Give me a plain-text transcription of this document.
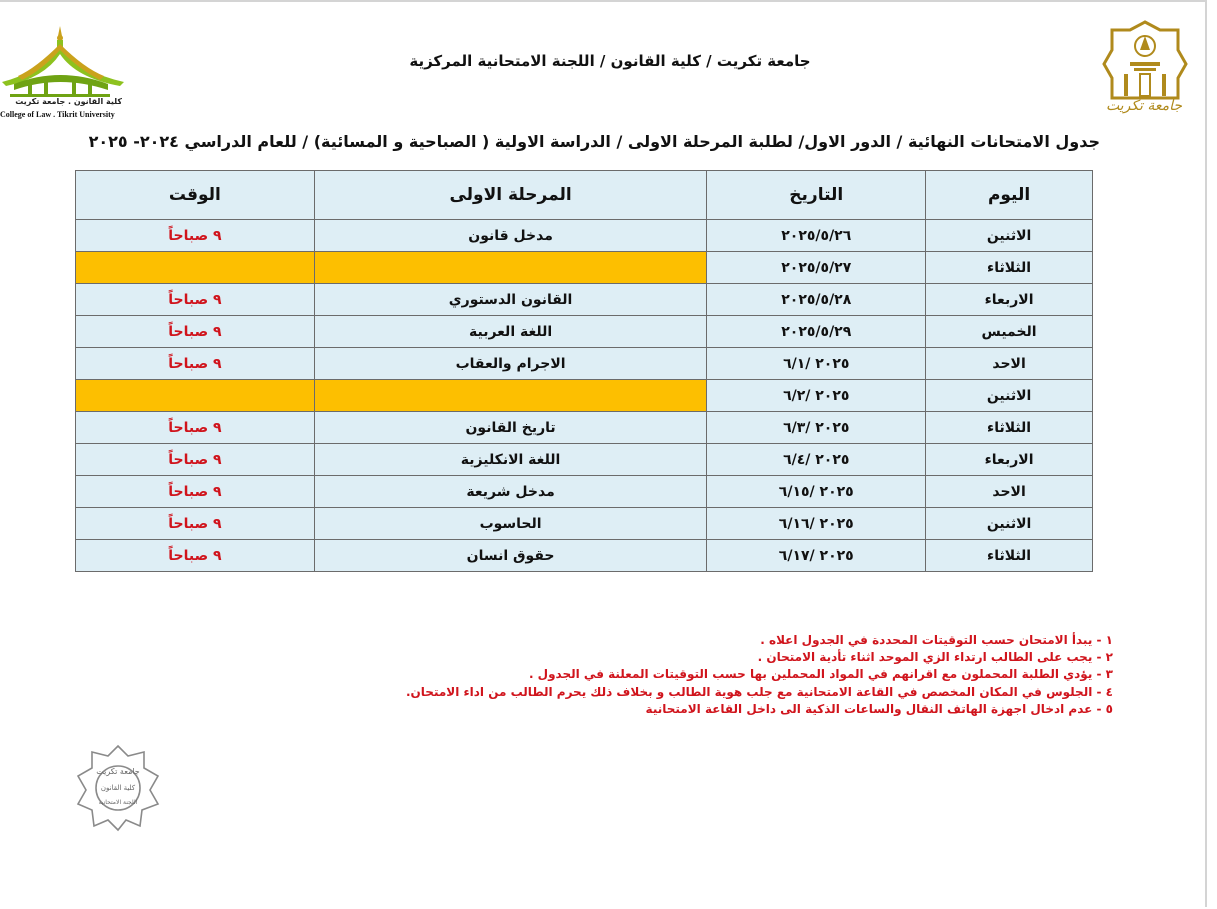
كلية القانون . جامعة تكريت
College of Law . Tikrit University
جامعة تكريت
جامعة تكريت / كلية القانون / اللجنة الامتحانية المركزية
جدول الامتحانات النهائية / الدور الاول/ لطلبة المرحلة الاولى / الدراسة الاولية ( الصباحية و المسائية) / للعام الدراسي ٢٠٢٤- ٢٠٢٥
اليوم	التاريخ	المرحلة الاولى	الوقت
الاثنين	٢٠٢٥/٥/٢٦	مدخل قانون	٩ صباحاً
الثلاثاء	٢٠٢٥/٥/٢٧		
الاربعاء	٢٠٢٥/٥/٢٨	القانون الدستوري	٩ صباحاً
الخميس	٢٠٢٥/٥/٢٩	اللغة العربية	٩ صباحاً
الاحد	٢٠٢٥ /٦/١	الاجرام والعقاب	٩ صباحاً
الاثنين	٢٠٢٥ /٦/٢		
الثلاثاء	٢٠٢٥ /٦/٣	تاريخ القانون	٩ صباحاً
الاربعاء	٢٠٢٥ /٦/٤	اللغة الانكليزية	٩ صباحاً
الاحد	٢٠٢٥ /٦/١٥	مدخل شريعة	٩ صباحاً
الاثنين	٢٠٢٥ /٦/١٦	الحاسوب	٩ صباحاً
الثلاثاء	٢٠٢٥ /٦/١٧	حقوق انسان	٩ صباحاً
١ - يبدأ الامتحان حسب التوقيتات المحددة في الجدول اعلاه .
٢ - يجب على الطالب ارتداء الزي الموحد اثناء تأدية الامتحان .
٣ - يؤدي الطلبة المحملون مع اقرانهم في المواد المحملين بها حسب التوقيتات المعلنة في الجدول .
٤ - الجلوس في المكان المخصص في القاعة الامتحانية مع جلب هوية الطالب و بخلاف ذلك يحرم الطالب من اداء الامتحان.
٥ - عدم ادخال اجهزة الهاتف النقال والساعات الذكية الى داخل القاعة الامتحانية
جامعة تكريت
كلية القانون
اللجنة الامتحانية
